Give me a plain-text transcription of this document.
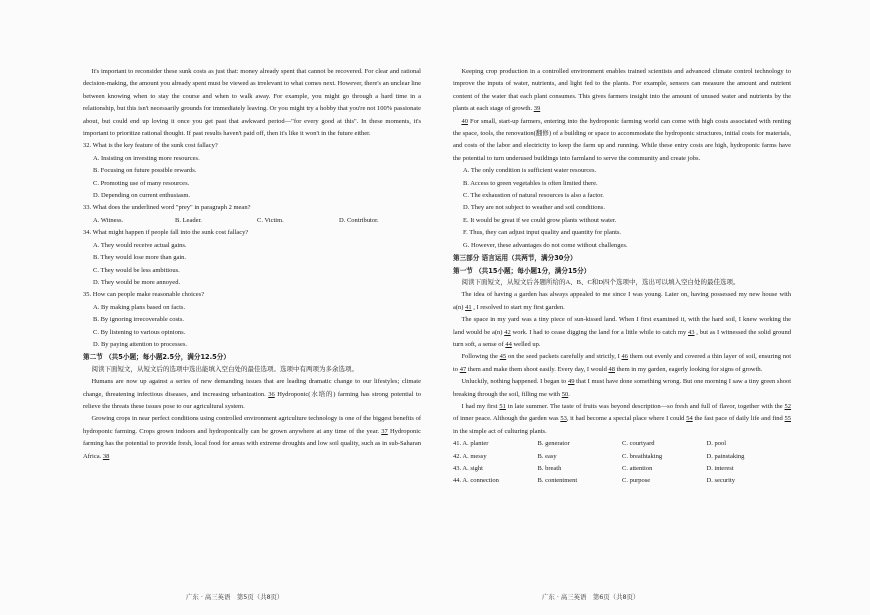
It's important to reconsider these sunk costs as just that: money already spent that cannot be recovered. For clear and rational decision-making, the amount you already spent must be viewed as irrelevant to what comes next. However, there's an unclear line between knowing when to stay the course and when to walk away. For example, you might go through a hard time in a relationship, but this isn't necessarily grounds for immediately leaving. Or you might try a hobby that you're not 100% passionate about, but could end up loving it once you get past that awkward period—"for every good at this". In these moments, it's important to prioritize rational thought. If past results haven't paid off, then it's like it won't in the future either.

32. What is the key feature of the sunk cost fallacy?

A. Insisting on investing more resources.

B. Focusing on future possible rewards.

C. Promoting use of many resources.

D. Depending on current enthusiasm.

33. What does the underlined word "prey" in paragraph 2 mean?

A. Witness.	B. Leader.	C. Victim.	D. Contributor.

34. What might happen if people fall into the sunk cost fallacy?

A. They would receive actual gains.

B. They would lose more than gain.

C. They would be less ambitious.

D. They would be more annoyed.

35. How can people make reasonable choices?

A. By making plans based on facts.

B. By ignoring irrecoverable costs.

C. By listening to various opinions.

D. By paying attention to processes.

第二节 （共5小题；每小题2.5分，满分12.5分）

阅读下面短文，从短文后的选项中选出能填入空白处的最佳选项。选项中有两项为多余选项。

Humans are now up against a series of new demanding issues that are leading dramatic change to our lifestyles; climate change, threatening infectious diseases, and increasing urbanization. 36 Hydroponic(水培的) farming has strong potential to relieve the threats these issues pose to our agricultural system.

Growing crops in near perfect conditions using controlled environment agriculture technology is one of the biggest benefits of hydroponic farming. Crops grown indoors and hydroponically can be grown anywhere at any time of the year. 37 Hydroponic farming has the potential to provide fresh, local food for areas with extreme droughts and low soil quality, such as in sub-Saharan Africa. 38

Keeping crop production in a controlled environment enables trained scientists and advanced climate control technology to improve the inputs of water, nutrients, and light fed to the plants. For example, sensors can measure the amount and nutrient content of the water that each plant consumes. This gives farmers insight into the amount of unused water and nutrients by the plants at each stage of growth. 39

40 For small, start-up farmers, entering into the hydroponic farming world can come with high costs associated with renting the space, tools, the renovation(翻修) of a building or space to accommodate the hydroponic structures, initial costs for materials, and costs of the labor and electricity to keep the farm up and running. While these entry costs are high, hydroponic farms have the potential to turn underused buildings into farmland to serve the community and create jobs.

A. The only condition is sufficient water resources.

B. Access to green vegetables is often limited there.

C. The exhaustion of natural resources is also a factor.

D. They are not subject to weather and soil conditions.

E. It would be great if we could grow plants without water.

F. Thus, they can adjust input quality and quantity for plants.

G. However, these advantages do not come without challenges.

第三部分 语言运用（共两节，满分30分）

第一节 （共15小题；每小题1分，满分15分）

阅读下面短文，从短文后各题所给的A、B、C和D四个选项中，选出可以填入空白处的最佳选项。

The idea of having a garden has always appealed to me since I was young. Later on, having possessed my new house with a(n) 41 , I resolved to start my first garden.

The space in my yard was a tiny piece of sun-kissed land. When I first examined it, with the hard soil, I knew working the land would be a(n) 42 work. I had to cease digging the land for a little while to catch my 43 , but as I witnessed the solid ground turn soft, a sense of 44 welled up.

Following the 45 on the seed packets carefully and strictly, I 46 them out evenly and covered a thin layer of soil, ensuring not to 47 them and make them shoot easily. Every day, I would 48 them in my garden, eagerly looking for signs of growth.

Unluckily, nothing happened. I began to 49 that I must have done something wrong. But one morning I saw a tiny green shoot breaking through the soil, filling me with 50.

I had my first 51 in late summer. The taste of fruits was beyond description—so fresh and full of flavor, together with the 52 of inner peace. Although the garden was 53, it had become a special place where I could 54 the fast pace of daily life and find 55 in the simple act of culturing plants.

41. A. planter	B. generator	C. courtyard	D. pool
42. A. messy	B. easy	C. breathtaking	D. painstaking
43. A. sight	B. breath	C. attention	D. interest
44. A. connection	B. contentment	C. purpose	D. security
广东 · 高三英语　第5页（共8页）	广东 · 高三英语　第6页（共8页）
